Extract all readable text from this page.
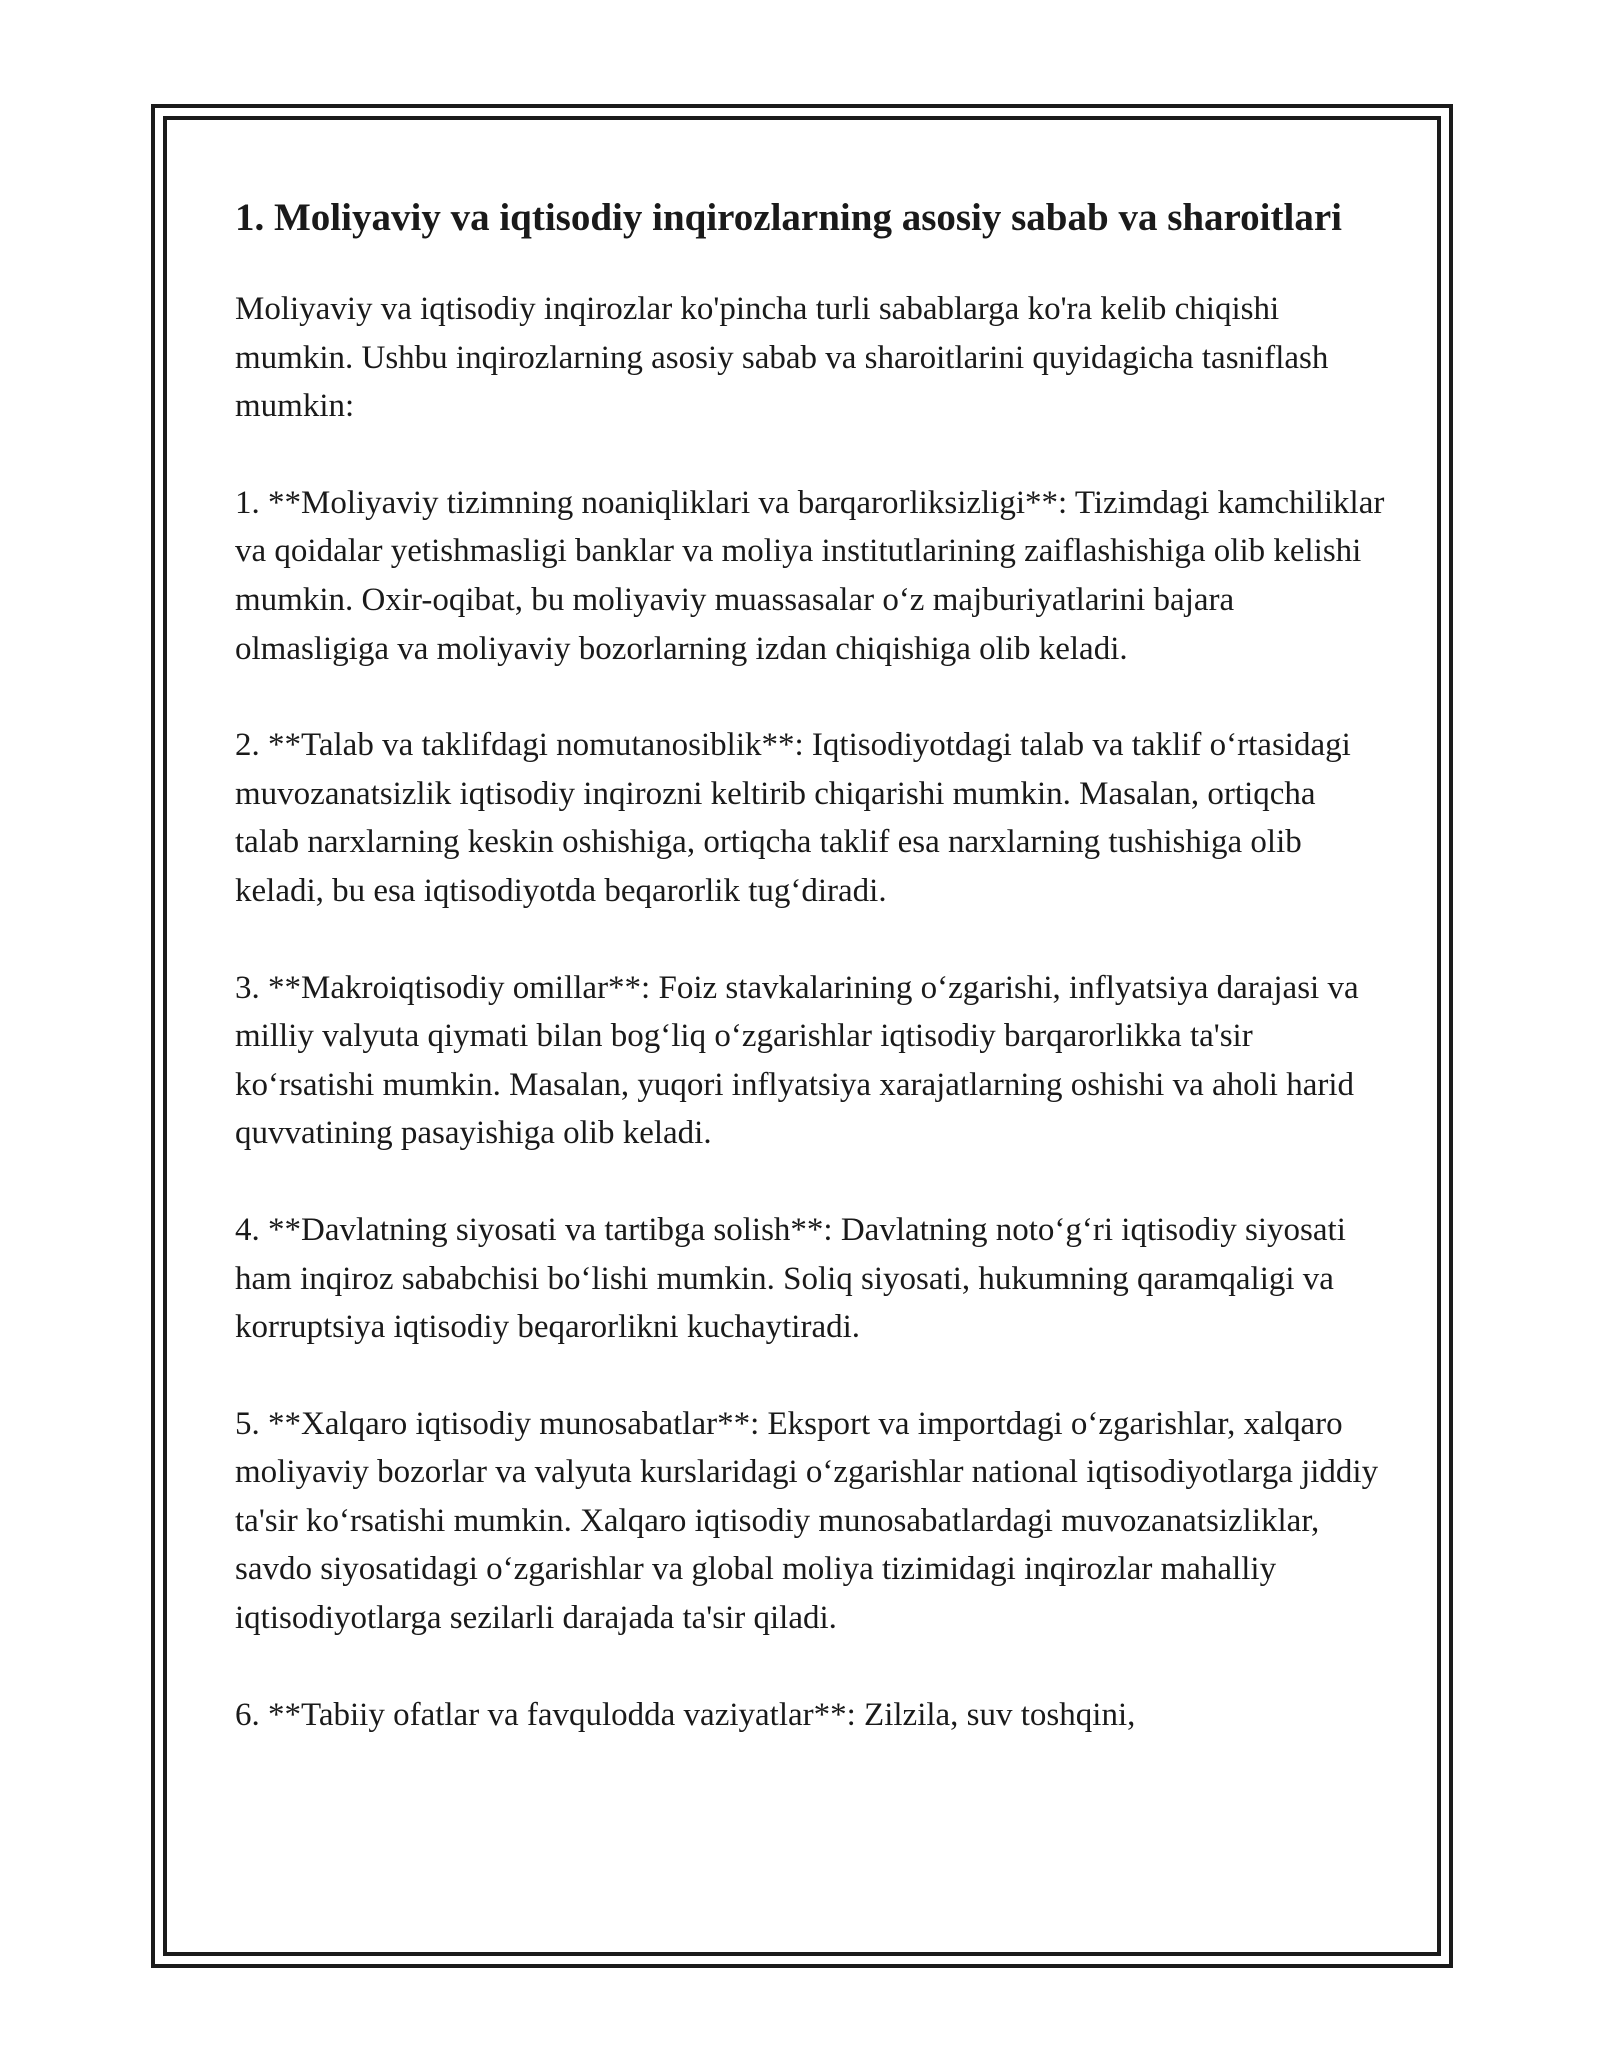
1. Moliyaviy va iqtisodiy inqirozlarning asosiy sabab va sharoitlari

Moliyaviy va iqtisodiy inqirozlar ko'pincha turli sabablarga ko'ra kelib chiqishi mumkin. Ushbu inqirozlarning asosiy sabab va sharoitlarini quyidagicha tasniflash mumkin:

1. **Moliyaviy tizimning noaniqliklari va barqarorliksizligi**: Tizimdagi kamchiliklar va qoidalar yetishmasligi banklar va moliya institutlarining zaiflashishiga olib kelishi mumkin. Oxir-oqibat, bu moliyaviy muassasalar o‘z majburiyatlarini bajara olmasligiga va moliyaviy bozorlarning izdan chiqishiga olib keladi.

2. **Talab va taklifdagi nomutanosiblik**: Iqtisodiyotdagi talab va taklif o‘rtasidagi muvozanatsizlik iqtisodiy inqirozni keltirib chiqarishi mumkin. Masalan, ortiqcha talab narxlarning keskin oshishiga, ortiqcha taklif esa narxlarning tushishiga olib keladi, bu esa iqtisodiyotda beqarorlik tug‘diradi.

3. **Makroiqtisodiy omillar**: Foiz stavkalarining o‘zgarishi, inflyatsiya darajasi va milliy valyuta qiymati bilan bog‘liq o‘zgarishlar iqtisodiy barqarorlikka ta'sir ko‘rsatishi mumkin. Masalan, yuqori inflyatsiya xarajatlarning oshishi va aholi harid quvvatining pasayishiga olib keladi.

4. **Davlatning siyosati va tartibga solish**: Davlatning noto‘g‘ri iqtisodiy siyosati ham inqiroz sababchisi bo‘lishi mumkin. Soliq siyosati, hukumning qaramqaligi va korruptsiya iqtisodiy beqarorlikni kuchaytiradi.

5. **Xalqaro iqtisodiy munosabatlar**: Eksport va importdagi o‘zgarishlar, xalqaro moliyaviy bozorlar va valyuta kurslaridagi o‘zgarishlar national iqtisodiyotlarga jiddiy ta'sir ko‘rsatishi mumkin. Xalqaro iqtisodiy munosabatlardagi muvozanatsizliklar, savdo siyosatidagi o‘zgarishlar va global moliya tizimidagi inqirozlar mahalliy iqtisodiyotlarga sezilarli darajada ta'sir qiladi.

6. **Tabiiy ofatlar va favqulodda vaziyatlar**: Zilzila, suv toshqini,
